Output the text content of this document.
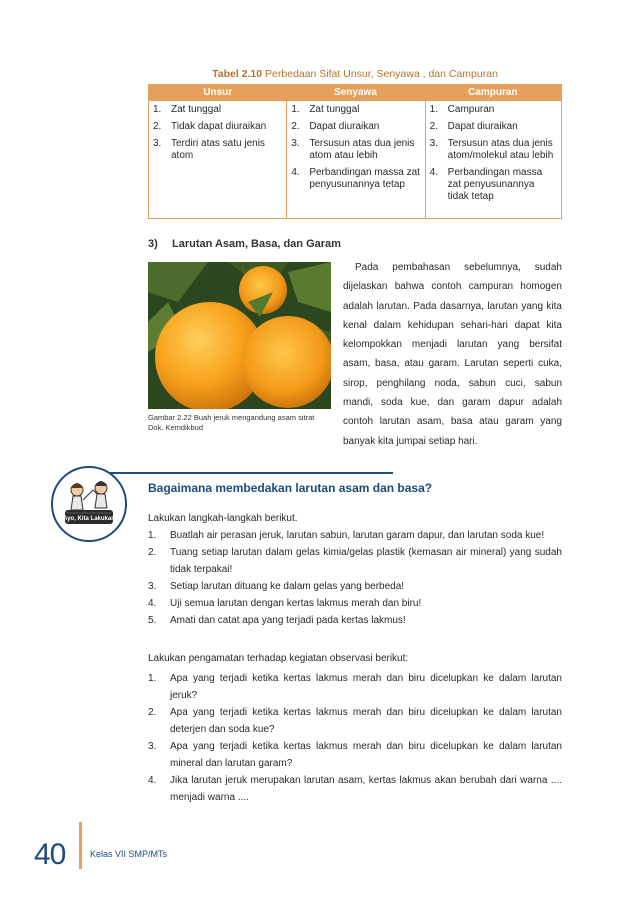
Tabel 2.10 Perbedaan Sifat Unsur, Senyawa , dan Campuran
Unsur	Senyawa	Campuran
1. Zat tunggal
2. Tidak dapat diuraikan
3. Terdiri atas satu jenis atom
1. Zat tunggal
2. Dapat diuraikan
3. Tersusun atas dua jenis atom atau lebih
4. Perbandingan massa zat penyusunannya tetap
1. Campuran
2. Dapat diuraikan
3. Tersusun atas dua jenis atom/molekul atau lebih
4. Perbandingan massa zat penyusunannya tidak tetap
3) Larutan Asam, Basa, dan Garam
Gambar 2.22 Buah jeruk mengandung asam sitrat
Dok. Kemdikbud

Pada pembahasan sebelumnya, sudah dijelaskan bahwa contoh campuran homogen adalah larutan. Pada dasarnya, larutan yang kita kenal dalam kehidupan sehari-hari dapat kita kelompokkan menjadi larutan yang bersifat asam, basa, atau garam. Larutan seperti cuka, sirop, penghilang noda, sabun cuci, sabun mandi, soda kue, dan garam dapur adalah contoh larutan asam, basa atau garam yang banyak kita jumpai setiap hari.

Ayo, Kita Lakukan
Bagaimana membedakan larutan asam dan basa?
Lakukan langkah-langkah berikut.
1.	Buatlah air perasan jeruk, larutan sabun, larutan garam dapur, dan larutan soda kue!
2.	Tuang setiap larutan dalam gelas kimia/gelas plastik (kemasan air mineral) yang sudah tidak terpakai!
3.	Setiap larutan dituang ke dalam gelas yang berbeda!
4.	Uji semua larutan dengan kertas lakmus merah dan biru!
5.	Amati dan catat apa yang terjadi pada kertas lakmus!
Lakukan pengamatan terhadap kegiatan observasi berikut:
1.	Apa yang terjadi ketika kertas lakmus merah dan biru dicelupkan ke dalam larutan jeruk?
2.	Apa yang terjadi ketika kertas lakmus merah dan biru dicelupkan ke dalam larutan deterjen dan soda kue?
3.	Apa yang terjadi ketika kertas lakmus merah dan biru dicelupkan ke dalam larutan mineral dan larutan garam?
4.	Jika larutan jeruk merupakan larutan asam, kertas lakmus akan berubah dari warna .... menjadi warna ....
40	Kelas VII SMP/MTs
